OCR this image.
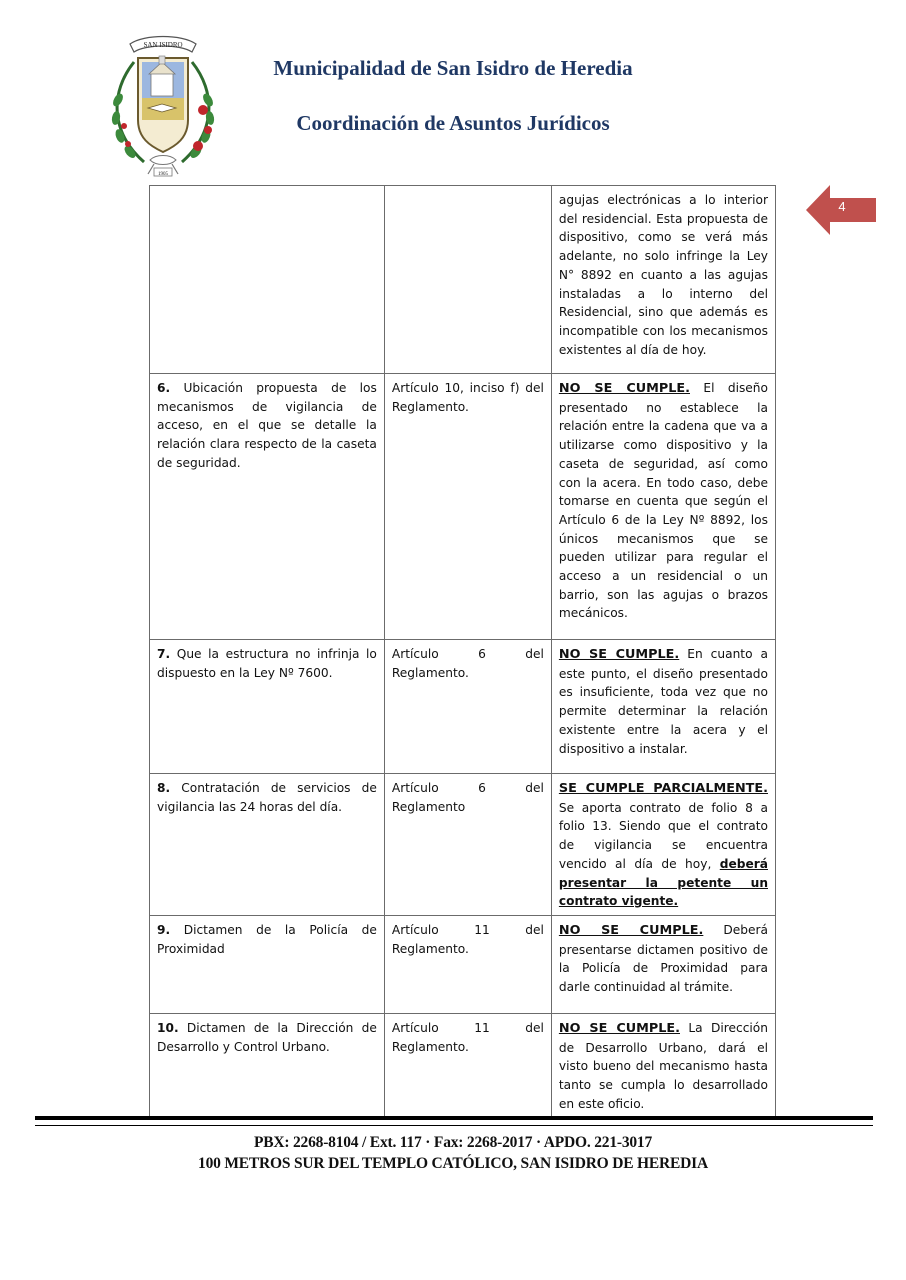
SAN ISIDRO
1905
Municipalidad de San Isidro de Heredia
Coordinación de Asuntos Jurídicos
4
		agujas electrónicas a lo interior del residencial. Esta propuesta de dispositivo, como se verá más adelante, no solo infringe la Ley N° 8892 en cuanto a las agujas instaladas a lo interno del Residencial, sino que además es incompatible con los mecanismos existentes al día de hoy.
6. Ubicación propuesta de los mecanismos de vigilancia de acceso, en el que se detalle la relación clara respecto de la caseta de seguridad.	Artículo 10, inciso f) del Reglamento.	NO SE CUMPLE. El diseño presentado no establece la relación entre la cadena que va a utilizarse como dispositivo y la caseta de seguridad, así como con la acera. En todo caso, debe tomarse en cuenta que según el Artículo 6 de la Ley Nº 8892, los únicos mecanismos que se pueden utilizar para regular el acceso a un residencial o un barrio, son las agujas o brazos mecánicos.
7. Que la estructura no infrinja lo dispuesto en la Ley Nº 7600.	Artículo 6 del Reglamento.	NO SE CUMPLE. En cuanto a este punto, el diseño presentado es insuficiente, toda vez que no permite determinar la relación existente entre la acera y el dispositivo a instalar.
8. Contratación de servicios de vigilancia las 24 horas del día.	Artículo 6 del Reglamento	SE CUMPLE PARCIALMENTE. Se aporta contrato de folio 8 a folio 13. Siendo que el contrato de vigilancia se encuentra vencido al día de hoy, deberá presentar la petente un contrato vigente.
9. Dictamen de la Policía de Proximidad	Artículo 11 del Reglamento.	NO SE CUMPLE. Deberá presentarse dictamen positivo de la Policía de Proximidad para darle continuidad al trámite.
10. Dictamen de la Dirección de Desarrollo y Control Urbano.	Artículo 11 del Reglamento.	NO SE CUMPLE. La Dirección de Desarrollo Urbano, dará el visto bueno del mecanismo hasta tanto se cumpla lo desarrollado en este oficio.

PBX: 2268-8104 / Ext. 117 · Fax: 2268-2017 · APDO. 221-3017

100 METROS SUR DEL TEMPLO CATÓLICO, SAN ISIDRO DE HEREDIA
